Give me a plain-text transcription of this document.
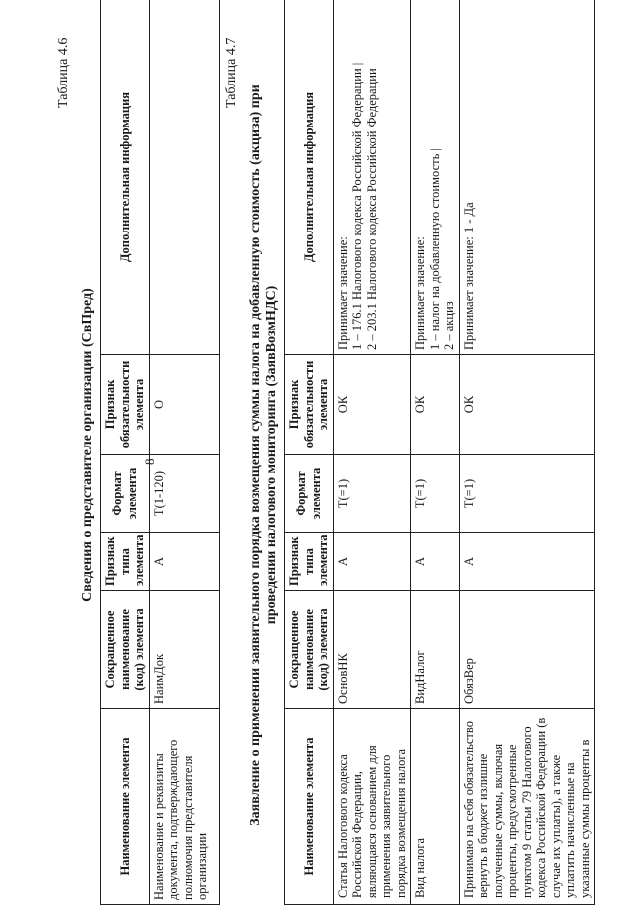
8
Таблица 4.6
Сведения о представителе организации (СвПред)
Наименование элемента	Сокращенное наименование (код) элемента	Признак типа элемента	Формат элемента	Признак обязательности элемента	Дополнительная информация
Наименование и реквизиты документа, подтверждающего полномочия представителя организации	НаимДок	А	Т(1-120)	О	
Таблица 4.7
Заявление о применении заявительного порядка возмещения суммы налога на добавленную стоимость (акциза) при проведении налогового мониторинга (ЗаявВозмНДС)
Наименование элемента	Сокращенное наименование (код) элемента	Признак типа элемента	Формат элемента	Признак обязательности элемента	Дополнительная информация
Статья Налогового кодекса Российской Федерации, являющаяся основанием для применения заявительного порядка возмещения налога	ОсновНК	А	Т(=1)	ОК	Принимает значение: 1 – 176.1 Налогового кодекса Российской Федерации | 2 – 203.1 Налогового кодекса Российской Федерации

Вид налога	ВидНалог	А	Т(=1)	ОК	Принимает значение: 1 – налог на добавленную стоимость | 2 – акциз

Принимаю на себя обязательство вернуть в бюджет излишне полученные суммы, включая проценты, предусмотренные пунктом 9 статьи 79 Налогового кодекса Российской Федерации (в случае их уплаты), а также уплатить начисленные на указанные суммы проценты в	ОбязВер	А	Т(=1)	ОК	Принимает значение: 1 - Да
